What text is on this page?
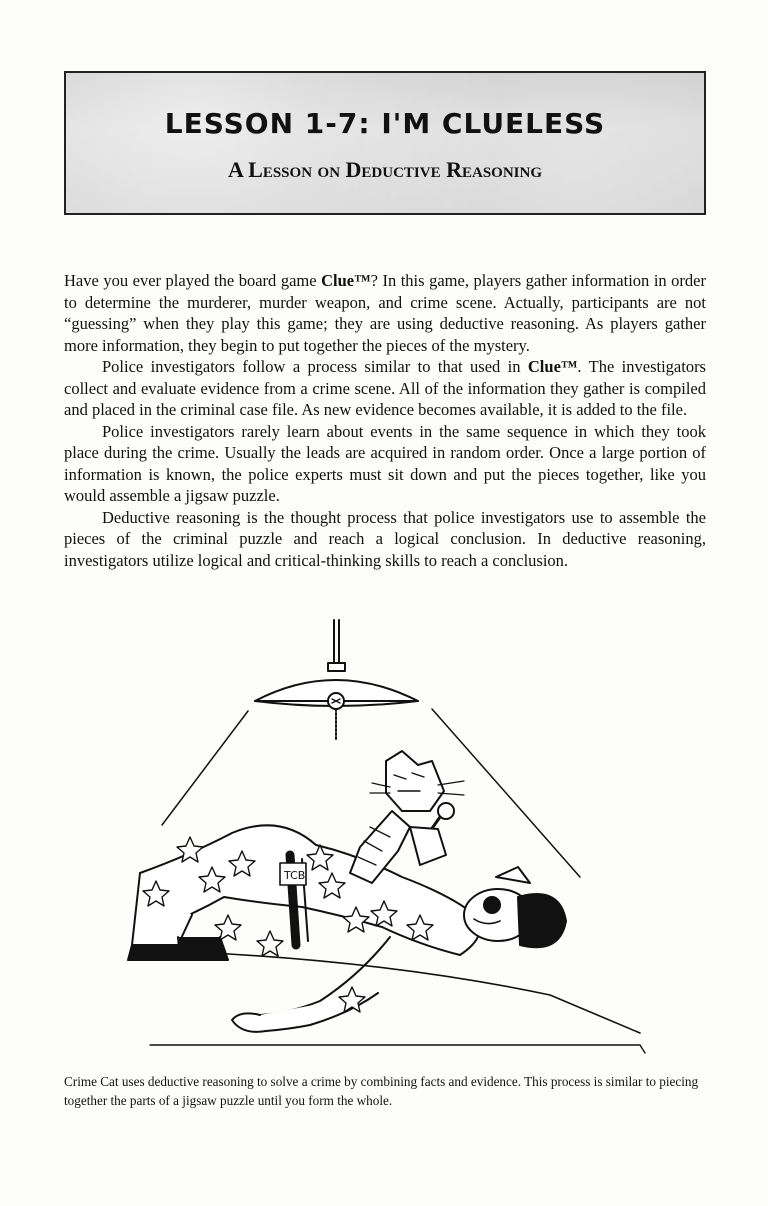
LESSON 1-7: I'M CLUELESS
A Lesson on Deductive Reasoning

Have you ever played the board game Clue™? In this game, players gather information in order to determine the murderer, murder weapon, and crime scene. Actually, participants are not “guessing” when they play this game; they are using deductive reasoning. As players gather more information, they begin to put together the pieces of the mystery.

Police investigators follow a process similar to that used in Clue™. The investigators collect and evaluate evidence from a crime scene. All of the information they gather is compiled and placed in the criminal case file. As new evidence becomes available, it is added to the file.

Police investigators rarely learn about events in the same sequence in which they took place during the crime. Usually the leads are acquired in random order. Once a large portion of information is known, the police experts must sit down and put the pieces together, like you would assemble a jigsaw puzzle.

Deductive reasoning is the thought process that police investigators use to assemble the pieces of the criminal puzzle and reach a logical conclusion. In deductive reasoning, investigators utilize logical and critical-thinking skills to reach a conclusion.

TCB
Crime Cat uses deductive reasoning to solve a crime by combining facts and evidence. This process is similar to piecing together the parts of a jigsaw puzzle until you form the whole.
